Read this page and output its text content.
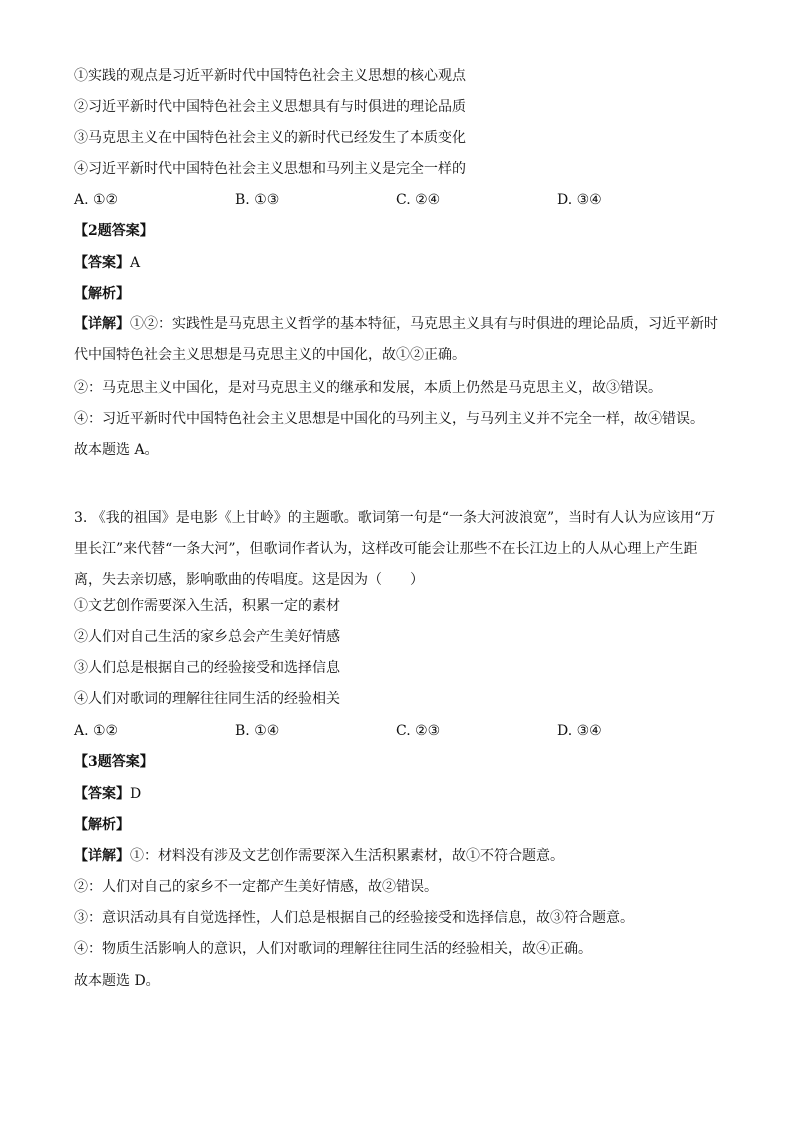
①实践的观点是习近平新时代中国特色社会主义思想的核心观点
②习近平新时代中国特色社会主义思想具有与时俱进的理论品质
③马克思主义在中国特色社会主义的新时代已经发生了本质变化
④习近平新时代中国特色社会主义思想和马列主义是完全一样的
A. ①②	B. ①③	C. ②④	D. ③④
【2题答案】
【答案】A
【解析】
【详解】①②：实践性是马克思主义哲学的基本特征，马克思主义具有与时俱进的理论品质，习近平新时代中国特色社会主义思想是马克思主义的中国化，故①②正确。
②：马克思主义中国化，是对马克思主义的继承和发展，本质上仍然是马克思主义，故③错误。
④：习近平新时代中国特色社会主义思想是中国化的马列主义，与马列主义并不完全一样，故④错误。
故本题选 A。
3. 《我的祖国》是电影《上甘岭》的主题歌。歌词第一句是“一条大河波浪宽”，当时有人认为应该用“万里长江”来代替“一条大河”，但歌词作者认为，这样改可能会让那些不在长江边上的人从心理上产生距离，失去亲切感，影响歌曲的传唱度。这是因为（　　）
①文艺创作需要深入生活，积累一定的素材
②人们对自己生活的家乡总会产生美好情感
③人们总是根据自己的经验接受和选择信息
④人们对歌词的理解往往同生活的经验相关
A. ①②	B. ①④	C. ②③	D. ③④
【3题答案】
【答案】D
【解析】
【详解】①：材料没有涉及文艺创作需要深入生活积累素材，故①不符合题意。
②：人们对自己的家乡不一定都产生美好情感，故②错误。
③：意识活动具有自觉选择性，人们总是根据自己的经验接受和选择信息，故③符合题意。
④：物质生活影响人的意识，人们对歌词的理解往往同生活的经验相关，故④正确。
故本题选 D。
